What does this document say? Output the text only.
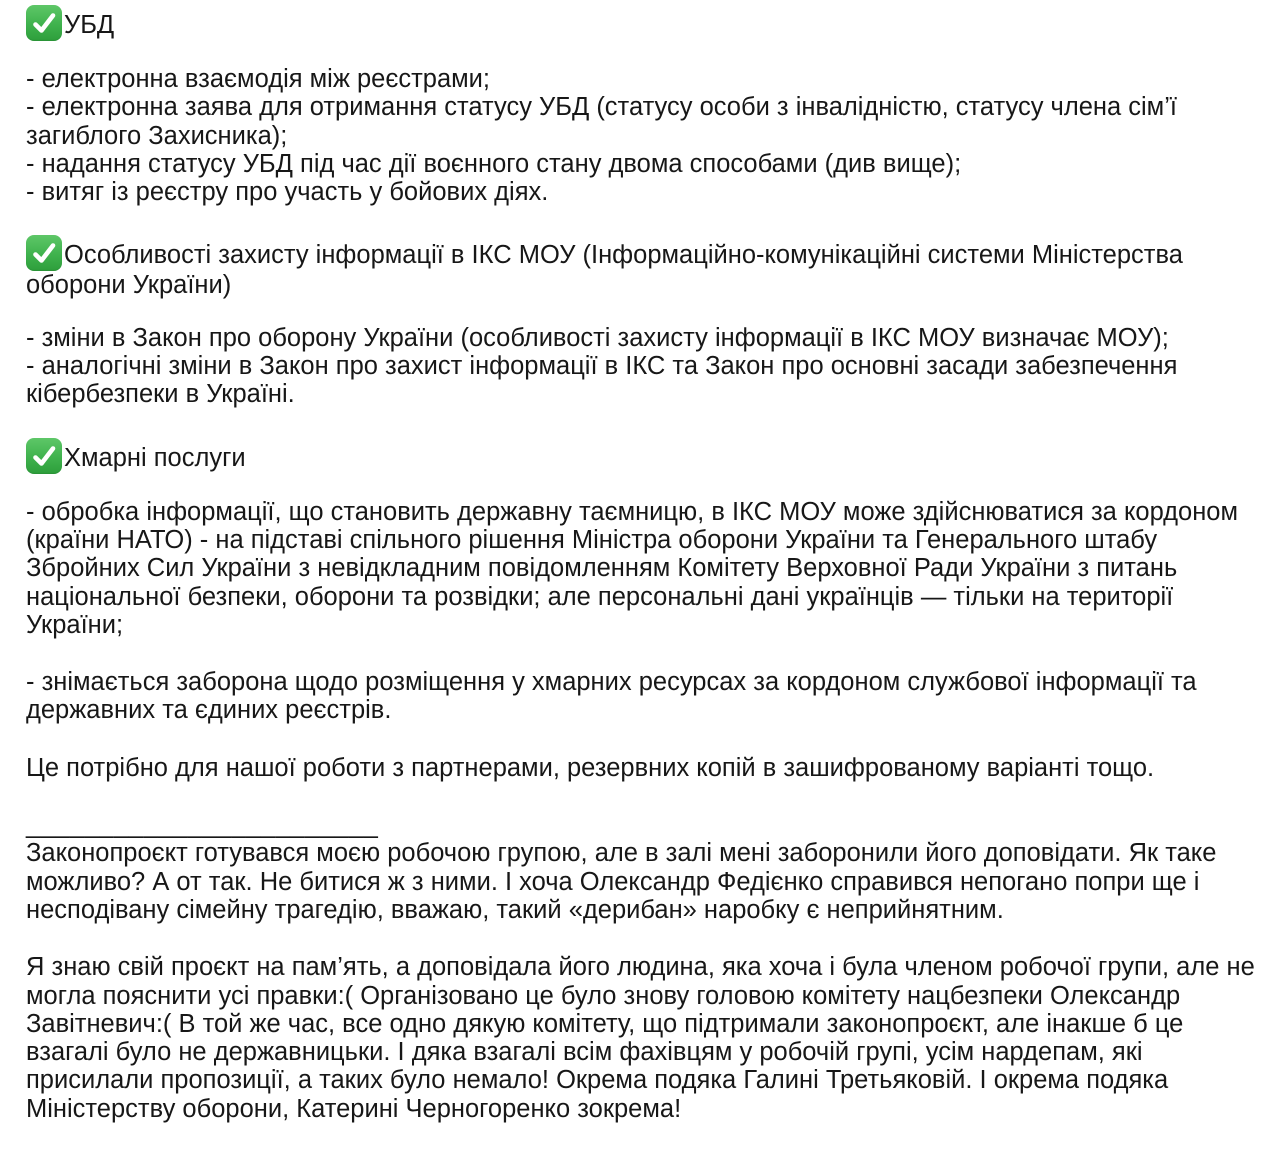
УБД

- електронна взаємодія між реєстрами;
- електронна заява для отримання статусу УБД (статусу особи з інвалідністю, статусу члена сім’ї загиблого Захисника);
- надання статусу УБД під час дії воєнного стану двома способами (див вище);
- витяг із реєстру про участь у бойових діях.

Особливості захисту інформації в ІКС МОУ (Інформаційно-комунікаційні системи Міністерства оборони України)

- зміни в Закон про оборону України (особливості захисту інформації в ІКС МОУ визначає МОУ);
- аналогічні зміни в Закон про захист інформації в ІКС та Закон про основні засади забезпечення кібербезпеки в Україні.

Хмарні послуги

- обробка інформації, що становить державну таємницю, в ІКС МОУ може здійснюватися за кордоном (країни НАТО) - на підставі спільного рішення Міністра оборони України та Генерального штабу Збройних Сил України з невідкладним повідомленням Комітету Верховної Ради України з питань національної безпеки, оборони та розвідки; але персональні дані українців — тільки на території України;

- знімається заборона щодо розміщення у хмарних ресурсах за кордоном службової інформації та державних та єдиних реєстрів.

Це потрібно для нашої роботи з партнерами, резервних копій в зашифрованому варіанті тощо.

________________________

Законопроєкт готувався моєю робочою групою, але в залі мені заборонили його доповідати. Як таке можливо? А от так. Не битися ж з ними. І хоча Олександр Федієнко справився непогано попри ще і несподівану сімейну трагедію, вважаю, такий «дерибан» наробку є неприйнятним.

Я знаю свій проєкт на пам’ять, а доповідала його людина, яка хоча і була членом робочої групи, але не могла пояснити усі правки:( Організовано це було знову головою комітету нацбезпеки Олександр Завітневич:( В той же час, все одно дякую комітету, що підтримали законопроєкт, але інакше б це взагалі було не державницьки. І дяка взагалі всім фахівцям у робочій групі, усім нардепам, які присилали пропозиції, а таких було немало! Окрема подяка Галині Третьяковій. І окрема подяка Міністерству оборони, Катерині Черногоренко зокрема!
